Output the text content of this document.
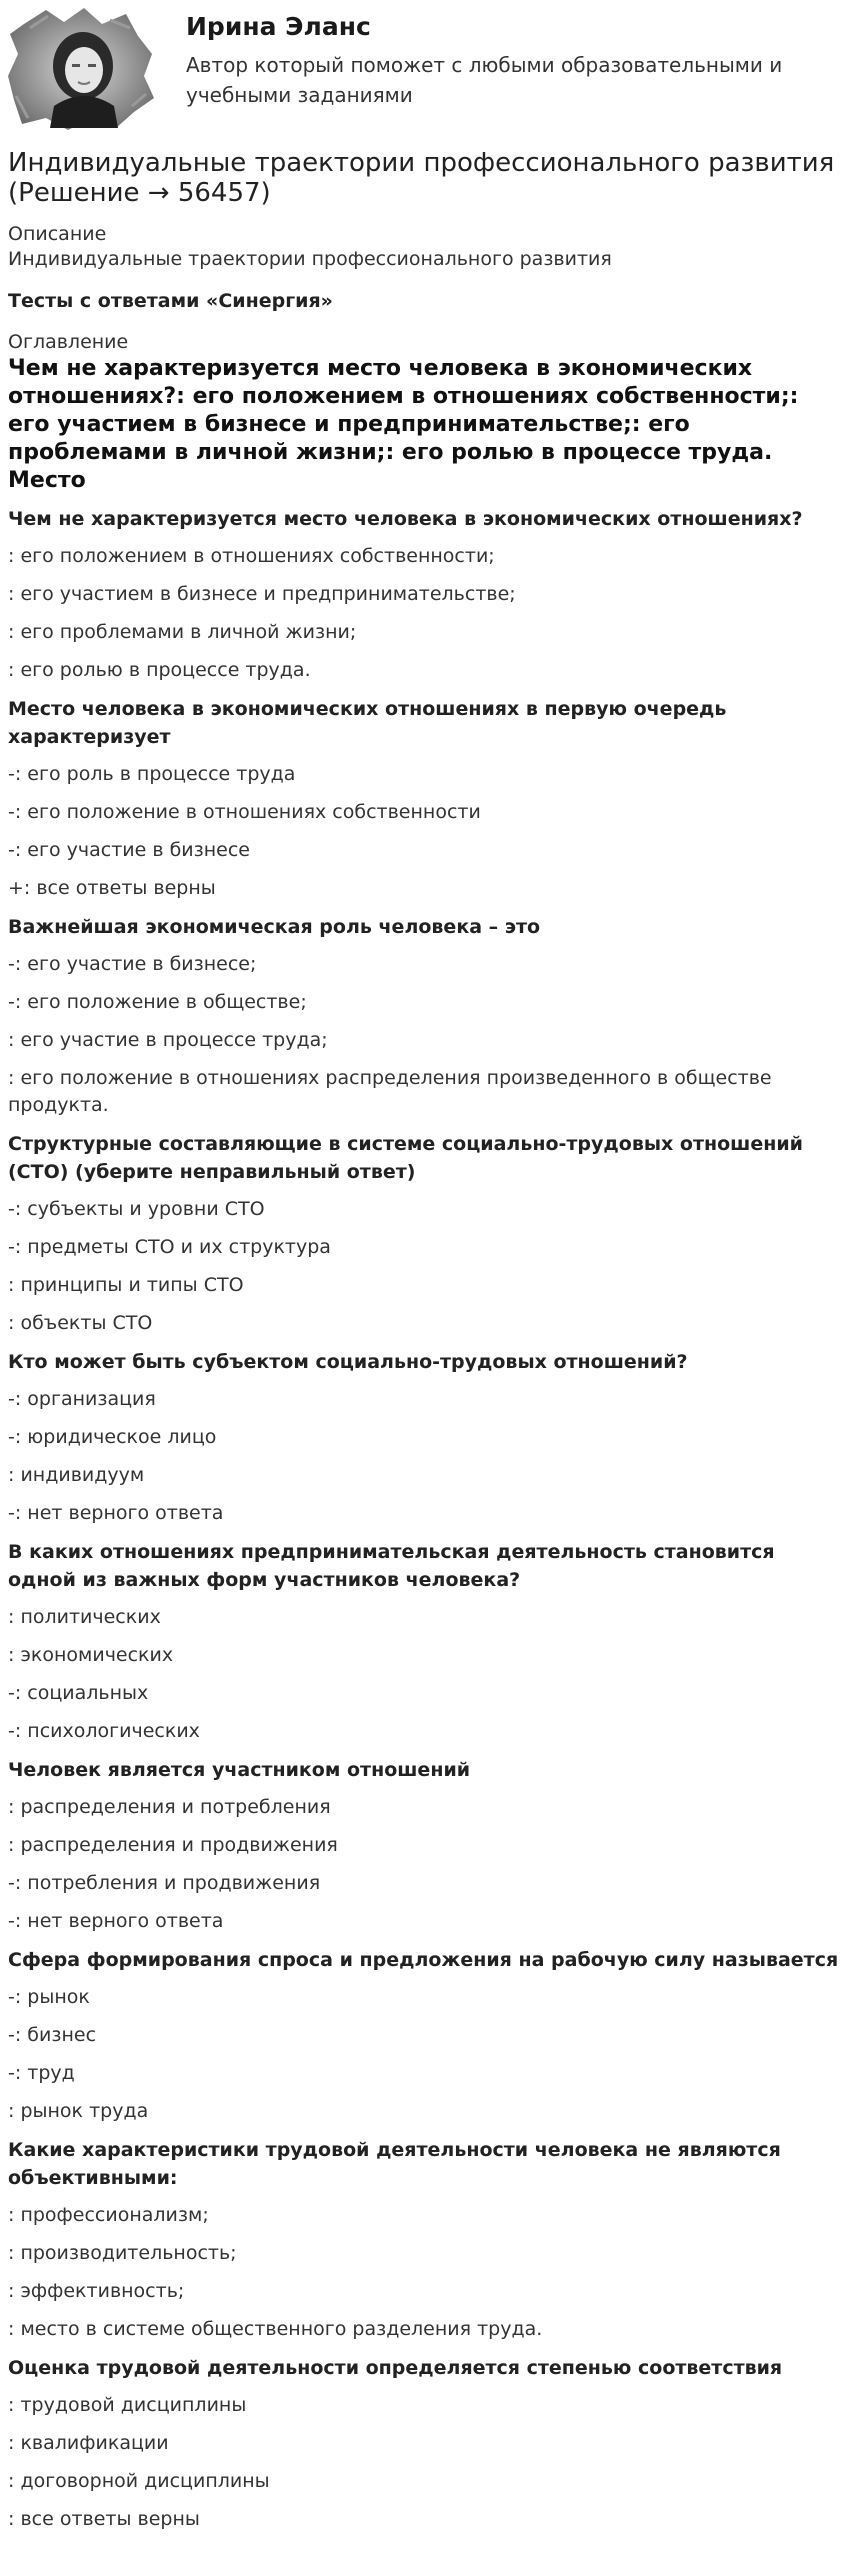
Ирина Эланс
Автор который поможет с любыми образовательными и учебными заданиями
Индивидуальные траектории профессионального развития (Решение → 56457)
Описание
Индивидуальные траектории профессионального развития
Тесты с ответами «Синергия»
Оглавление
Чем не характеризуется место человека в экономических отношениях?: его положением в отношениях собственности;: его участием в бизнесе и предпринимательстве;: его проблемами в личной жизни;: его ролью в процессе труда. Место
Чем не характеризуется место человека в экономических отношениях?
: его положением в отношениях собственности;
: его участием в бизнесе и предпринимательстве;
: его проблемами в личной жизни;
: его ролью в процессе труда.
Место человека в экономических отношениях в первую очередь характеризует
-: его роль в процессе труда
-: его положение в отношениях собственности
-: его участие в бизнесе
+: все ответы верны
Важнейшая экономическая роль человека – это
-: его участие в бизнесе;
-: его положение в обществе;
: его участие в процессе труда;
: его положение в отношениях распределения произведенного в обществе продукта.
Структурные составляющие в системе социально-трудовых отношений (СТО) (уберите неправильный ответ)
-: субъекты и уровни СТО
-: предметы СТО и их структура
: принципы и типы СТО
: объекты СТО
Кто может быть субъектом социально-трудовых отношений?
-: организация
-: юридическое лицо
: индивидуум
-: нет верного ответа
В каких отношениях предпринимательская деятельность становится одной из важных форм участников человека?
: политических
: экономических
-: социальных
-: психологических
Человек является участником отношений
: распределения и потребления
: распределения и продвижения
-: потребления и продвижения
-: нет верного ответа
Сфера формирования спроса и предложения на рабочую силу называется
-: рынок
-: бизнес
-: труд
: рынок труда
Какие характеристики трудовой деятельности человека не являются объективными:
: профессионализм;
: производительность;
: эффективность;
: место в системе общественного разделения труда.
Оценка трудовой деятельности определяется степенью соответствия
: трудовой дисциплины
: квалификации
: договорной дисциплины
: все ответы верны
